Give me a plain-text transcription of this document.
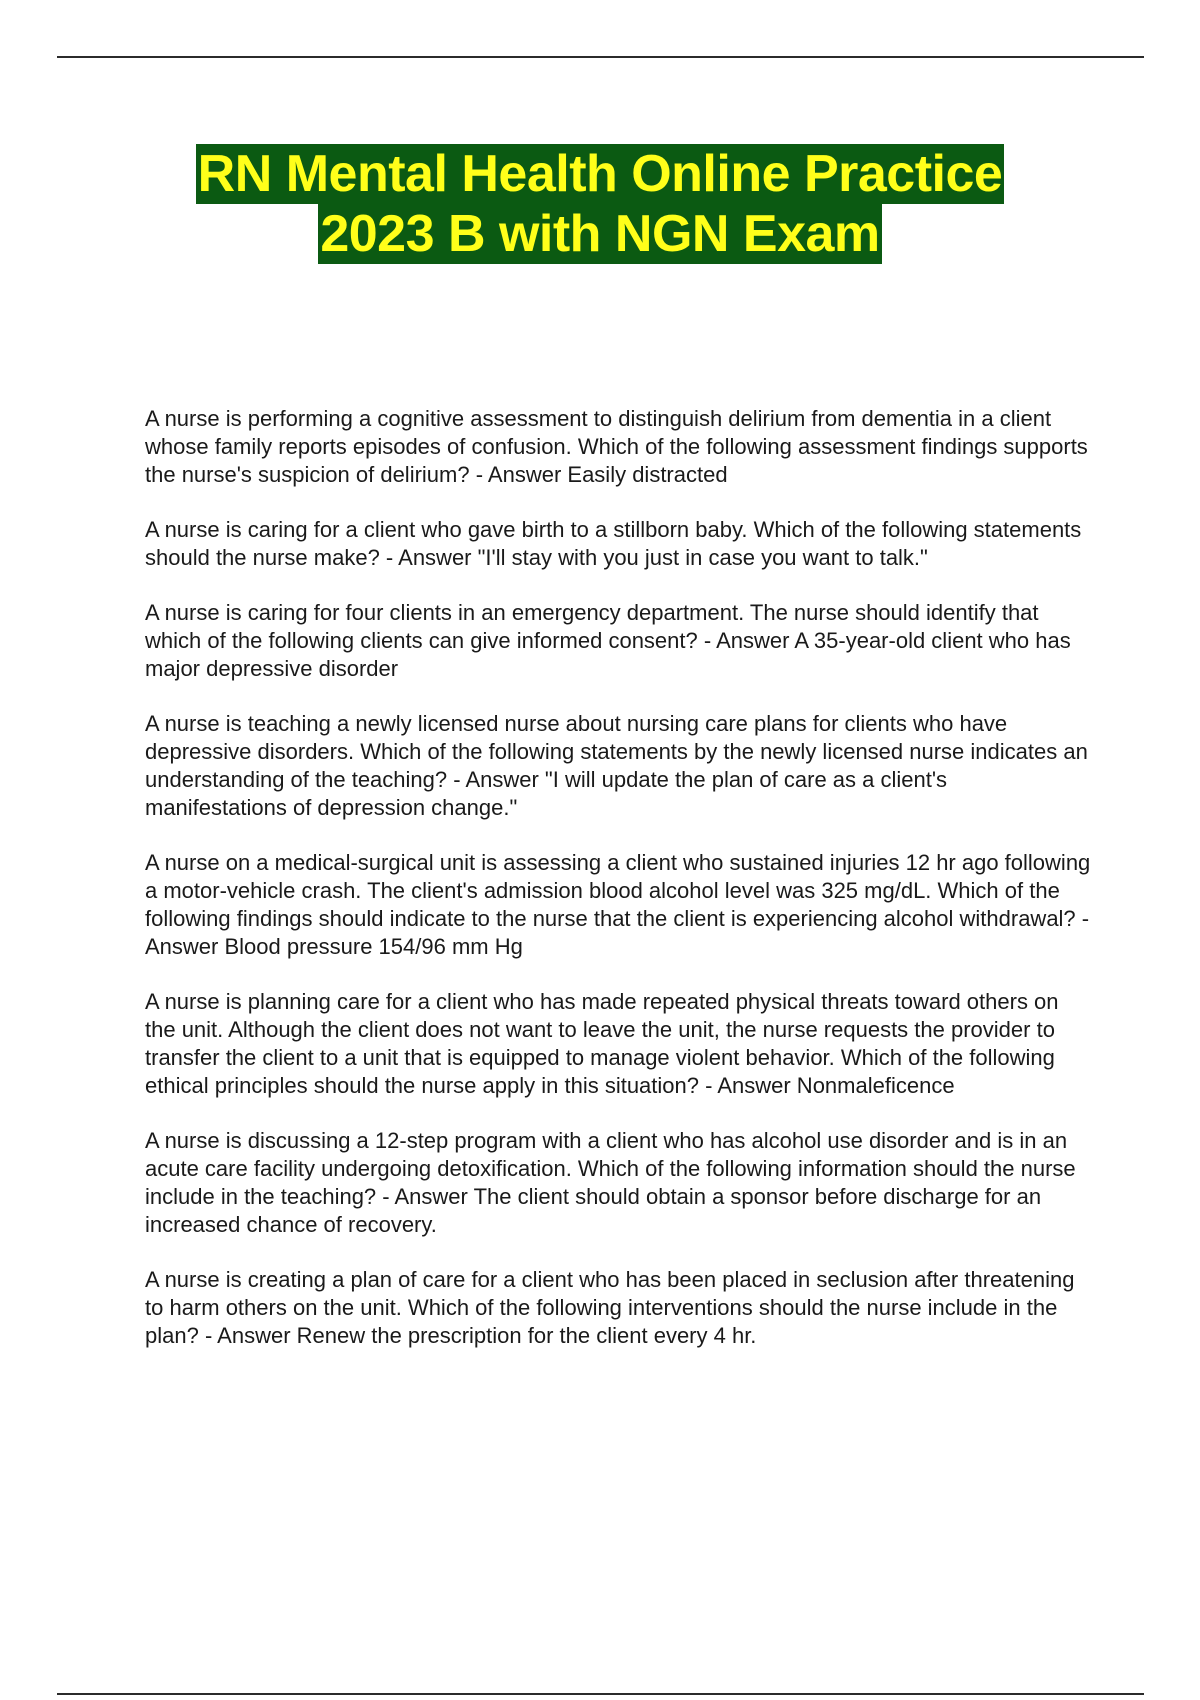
RN Mental Health Online Practice
2023 B with NGN Exam

A nurse is performing a cognitive assessment to distinguish delirium from dementia in a client whose family reports episodes of confusion. Which of the following assessment findings supports the nurse's suspicion of delirium? - Answer Easily distracted

A nurse is caring for a client who gave birth to a stillborn baby. Which of the following statements should the nurse make? - Answer "I'll stay with you just in case you want to talk."

A nurse is caring for four clients in an emergency department. The nurse should identify that which of the following clients can give informed consent? - Answer A 35-year-old client who has major depressive disorder

A nurse is teaching a newly licensed nurse about nursing care plans for clients who have depressive disorders. Which of the following statements by the newly licensed nurse indicates an understanding of the teaching? - Answer "I will update the plan of care as a client's manifestations of depression change."

A nurse on a medical-surgical unit is assessing a client who sustained injuries 12 hr ago following a motor-vehicle crash. The client's admission blood alcohol level was 325 mg/dL. Which of the following findings should indicate to the nurse that the client is experiencing alcohol withdrawal? - Answer Blood pressure 154/96 mm Hg

A nurse is planning care for a client who has made repeated physical threats toward others on the unit. Although the client does not want to leave the unit, the nurse requests the provider to transfer the client to a unit that is equipped to manage violent behavior. Which of the following ethical principles should the nurse apply in this situation? - Answer Nonmaleficence

A nurse is discussing a 12-step program with a client who has alcohol use disorder and is in an acute care facility undergoing detoxification. Which of the following information should the nurse include in the teaching? - Answer The client should obtain a sponsor before discharge for an increased chance of recovery.

A nurse is creating a plan of care for a client who has been placed in seclusion after threatening to harm others on the unit. Which of the following interventions should the nurse include in the plan? - Answer Renew the prescription for the client every 4 hr.
